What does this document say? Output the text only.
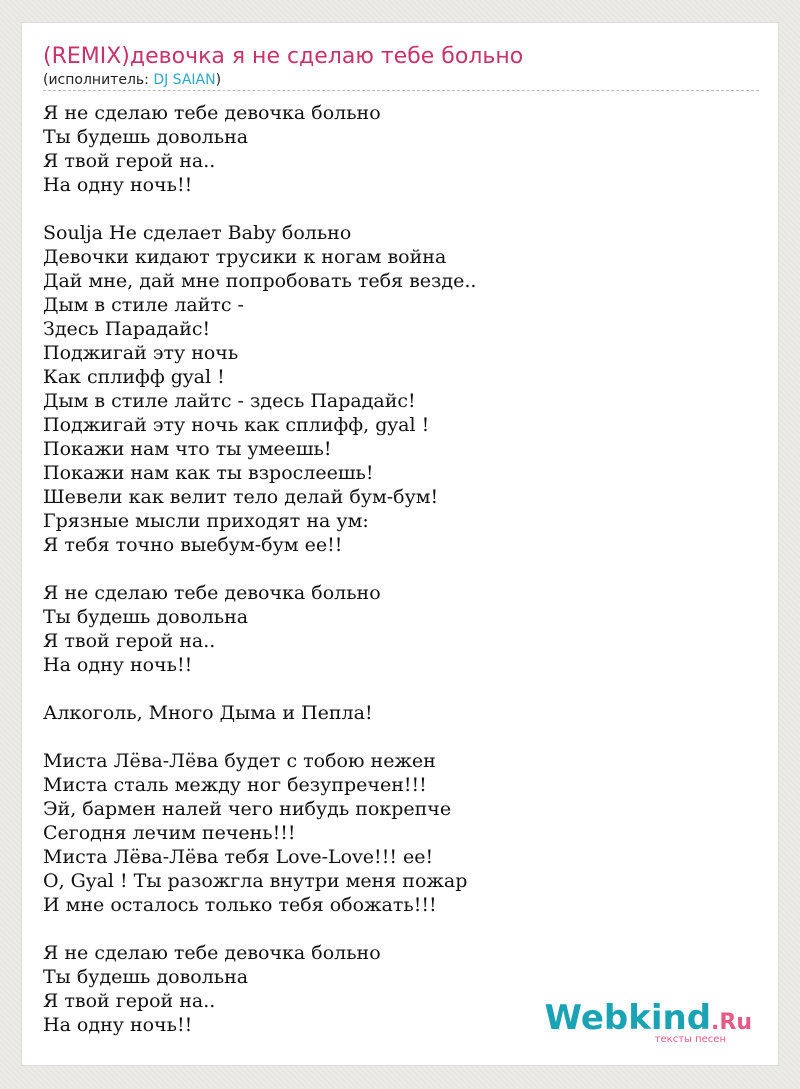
(REMIX)девочка я не сделаю тебе больно
(исполнитель: DJ SAIAN)
Я не сделаю тебе девочка больно
Ты будешь довольна
Я твой герой на..
На одну ночь!!

Soulja Не сделает Baby больно
Девочки кидают трусики к ногам война
Дай мне, дай мне попробовать тебя везде..
Дым в стиле лайтс -
Здесь Парадайс!
Поджигай эту ночь
Как сплифф gyal !
Дым в стиле лайтс - здесь Парадайс!
Поджигай эту ночь как сплифф, gyal !
Покажи нам что ты умеешь!
Покажи нам как ты взрослеешь!
Шевели как велит тело делай бум-бум!
Грязные мысли приходят на ум:
Я тебя точно выебум-бум ее!!

Я не сделаю тебе девочка больно
Ты будешь довольна
Я твой герой на..
На одну ночь!!

Алкоголь, Много Дыма и Пепла!

Миста Лёва-Лёва будет с тобою нежен
Миста сталь между ног безупречен!!!
Эй, бармен налей чего нибудь покрепче
Сегодня лечим печень!!!
Миста Лёва-Лёва тебя Love-Love!!! ее!
О, Gyal ! Ты разожгла внутри меня пожар
И мне осталось только тебя обожать!!!

Я не сделаю тебе девочка больно
Ты будешь довольна
Я твой герой на..
На одну ночь!!	Webkind.Ru
тексты песен
